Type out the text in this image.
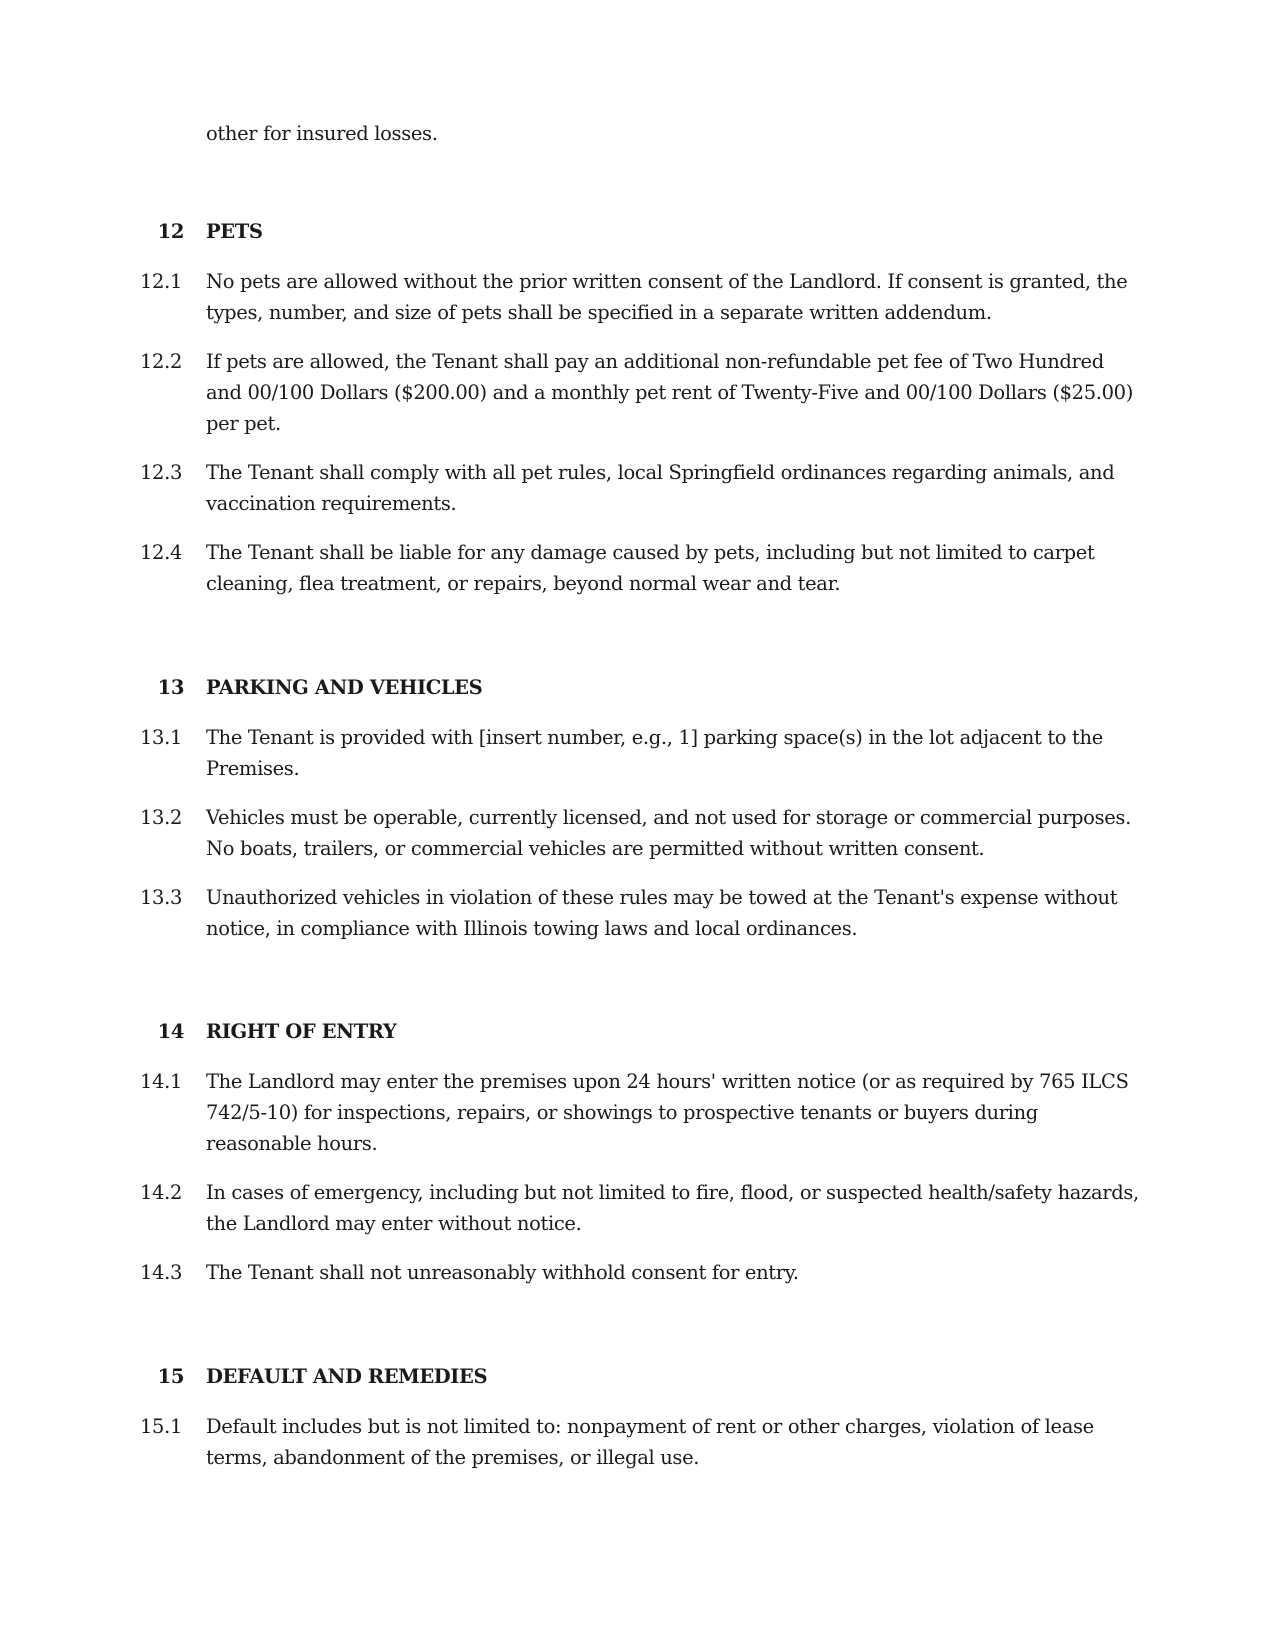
other for insured losses.

12 PETS
12.1 No pets are allowed without the prior written consent of the Landlord. If consent is granted, the types, number, and size of pets shall be specified in a separate written addendum.
12.2 If pets are allowed, the Tenant shall pay an additional non-refundable pet fee of Two Hundred and 00/100 Dollars ($200.00) and a monthly pet rent of Twenty-Five and 00/100 Dollars ($25.00) per pet.
12.3 The Tenant shall comply with all pet rules, local Springfield ordinances regarding animals, and vaccination requirements.
12.4 The Tenant shall be liable for any damage caused by pets, including but not limited to carpet cleaning, flea treatment, or repairs, beyond normal wear and tear.
13 PARKING AND VEHICLES
13.1 The Tenant is provided with [insert number, e.g., 1] parking space(s) in the lot adjacent to the Premises.
13.2 Vehicles must be operable, currently licensed, and not used for storage or commercial purposes. No boats, trailers, or commercial vehicles are permitted without written consent.
13.3 Unauthorized vehicles in violation of these rules may be towed at the Tenant's expense without notice, in compliance with Illinois towing laws and local ordinances.
14 RIGHT OF ENTRY
14.1 The Landlord may enter the premises upon 24 hours' written notice (or as required by 765 ILCS 742/5-10) for inspections, repairs, or showings to prospective tenants or buyers during reasonable hours.
14.2 In cases of emergency, including but not limited to fire, flood, or suspected health/safety hazards, the Landlord may enter without notice.
14.3 The Tenant shall not unreasonably withhold consent for entry.
15 DEFAULT AND REMEDIES
15.1 Default includes but is not limited to: nonpayment of rent or other charges, violation of lease terms, abandonment of the premises, or illegal use.
